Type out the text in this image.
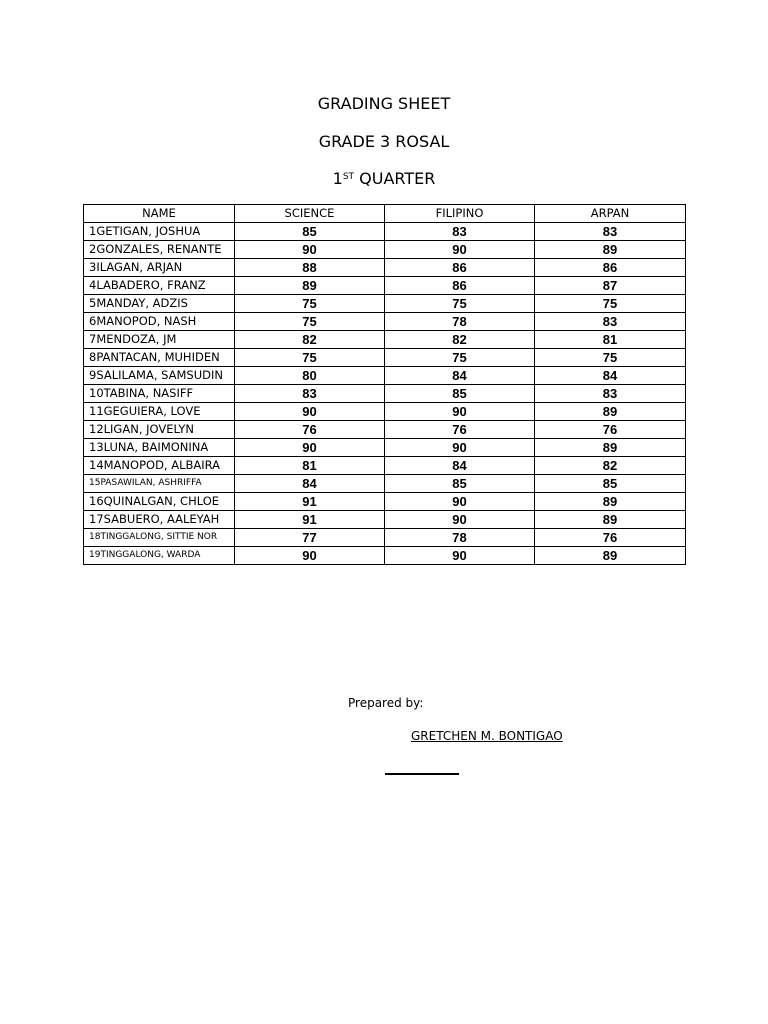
GRADING SHEET
GRADE 3 ROSAL
1ST QUARTER
NAME	SCIENCE	FILIPINO	ARPAN
1GETIGAN, JOSHUA	85	83	83
2GONZALES, RENANTE	90	90	89
3ILAGAN, ARJAN	88	86	86
4LABADERO, FRANZ	89	86	87
5MANDAY, ADZIS	75	75	75
6MANOPOD, NASH	75	78	83
7MENDOZA, JM	82	82	81
8PANTACAN, MUHIDEN	75	75	75
9SALILAMA, SAMSUDIN	80	84	84
10TABINA, NASIFF	83	85	83
11GEGUIERA, LOVE	90	90	89
12LIGAN, JOVELYN	76	76	76
13LUNA, BAIMONINA	90	90	89
14MANOPOD, ALBAIRA	81	84	82
15PASAWILAN, ASHRIFFA	84	85	85
16QUINALGAN, CHLOE	91	90	89
17SABUERO, AALEYAH	91	90	89
18TINGGALONG, SITTIE NOR	77	78	76
19TINGGALONG, WARDA	90	90	89
Prepared by:
GRETCHEN M. BONTIGAO
